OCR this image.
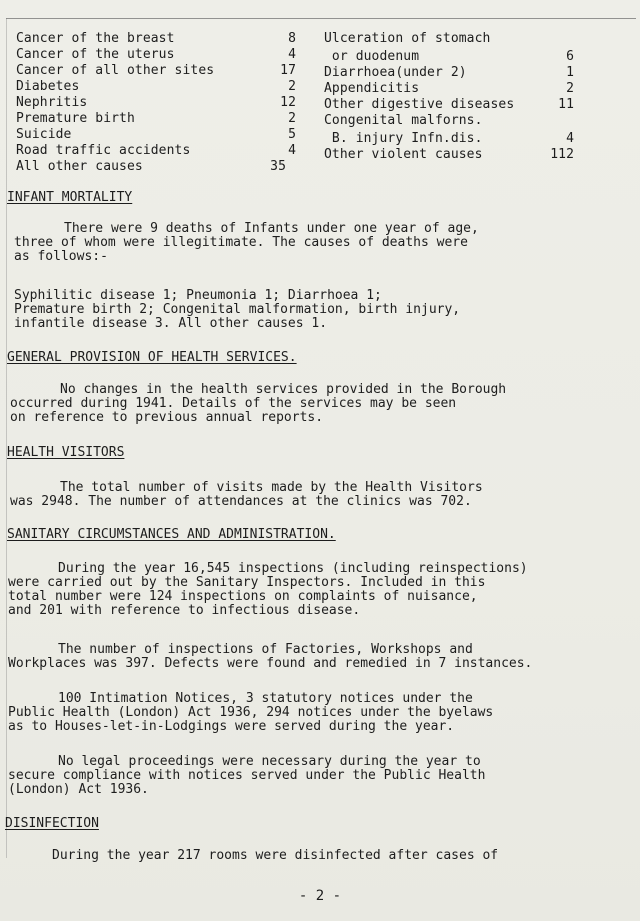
Cancer of the breast	8
Cancer of the uterus	4
Cancer of all other sites	17
Diabetes	2
Nephritis	12
Premature birth	2
Suicide	5
Road traffic accidents	4
All other causes	35
Ulceration of stomach
or duodenum	6
Diarrhoea(under 2)	1
Appendicitis	2
Other digestive diseases	11
Congenital malforns.
B. injury Infn.dis.	4
Other violent causes	112
INFANT MORTALITY
There were 9 deaths of Infants under one year of age,
three of whom were illegitimate. The causes of deaths were
as follows:-
Syphilitic disease 1; Pneumonia 1; Diarrhoea 1;
Premature birth 2; Congenital malformation, birth injury,
infantile disease 3. All other causes 1.
GENERAL PROVISION OF HEALTH SERVICES.
No changes in the health services provided in the Borough
occurred during 1941. Details of the services may be seen
on reference to previous annual reports.
HEALTH VISITORS
The total number of visits made by the Health Visitors
was 2948. The number of attendances at the clinics was 702.
SANITARY CIRCUMSTANCES AND ADMINISTRATION.
During the year 16,545 inspections (including reinspections)
were carried out by the Sanitary Inspectors. Included in this
total number were 124 inspections on complaints of nuisance,
and 201 with reference to infectious disease.
The number of inspections of Factories, Workshops and
Workplaces was 397. Defects were found and remedied in 7 instances.
100 Intimation Notices, 3 statutory notices under the
Public Health (London) Act 1936, 294 notices under the byelaws
as to Houses-let-in-Lodgings were served during the year.
No legal proceedings were necessary during the year to
secure compliance with notices served under the Public Health
(London) Act 1936.
DISINFECTION
During the year 217 rooms were disinfected after cases of
- 2 -
